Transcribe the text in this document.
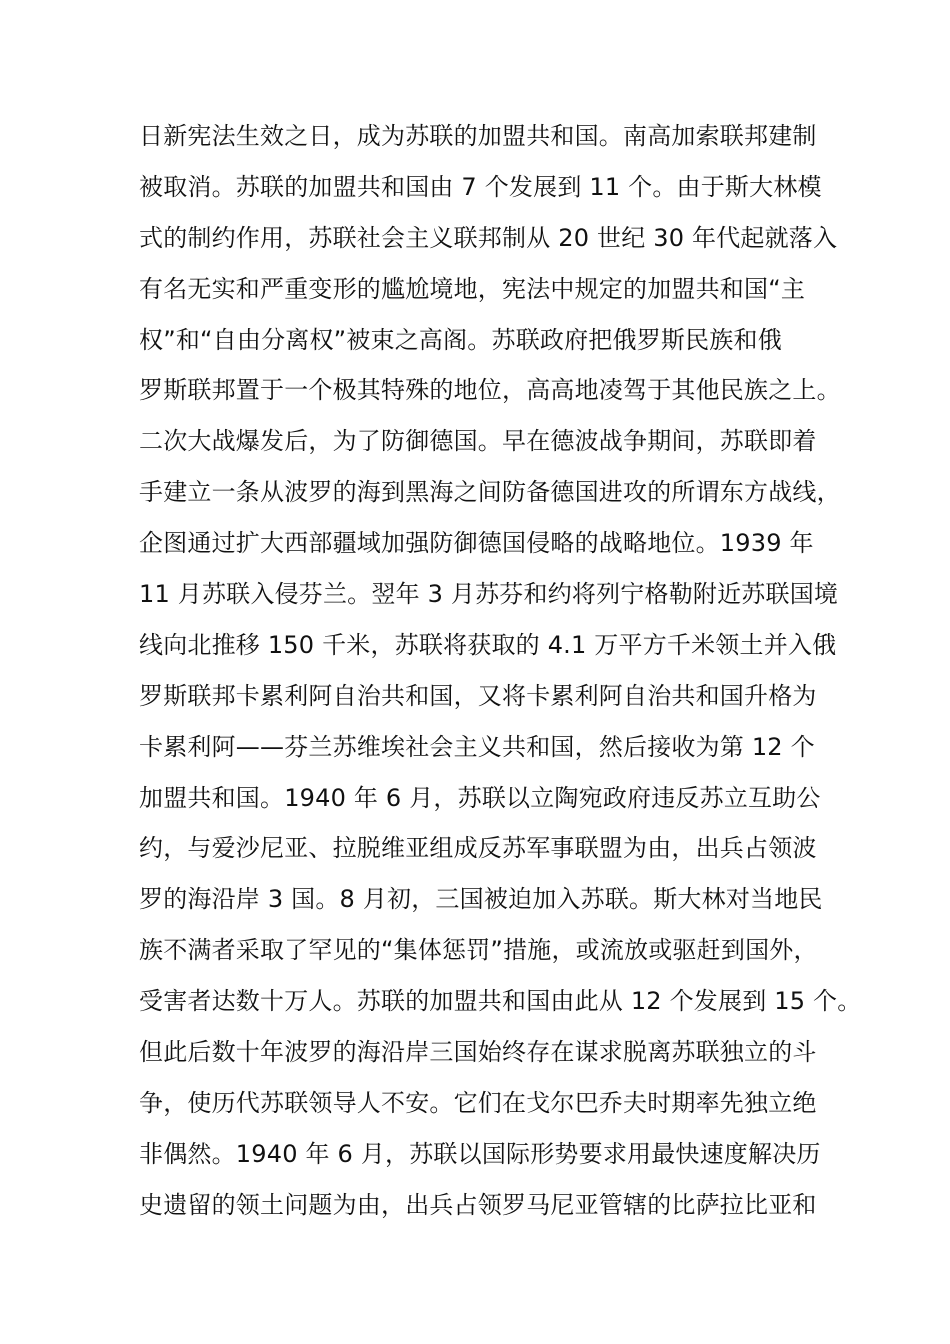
日新宪法生效之日，成为苏联的加盟共和国。南高加索联邦建制
被取消。苏联的加盟共和国由 7 个发展到 11 个。由于斯大林模
式的制约作用，苏联社会主义联邦制从 20 世纪 30 年代起就落入
有名无实和严重变形的尴尬境地，宪法中规定的加盟共和国“主
权”和“自由分离权”被束之高阁。苏联政府把俄罗斯民族和俄
罗斯联邦置于一个极其特殊的地位，高高地凌驾于其他民族之上。
二次大战爆发后，为了防御德国。早在德波战争期间，苏联即着
手建立一条从波罗的海到黑海之间防备德国进攻的所谓东方战线，
企图通过扩大西部疆域加强防御德国侵略的战略地位。1939 年
11 月苏联入侵芬兰。翌年 3 月苏芬和约将列宁格勒附近苏联国境
线向北推移 150 千米，苏联将获取的 4.1 万平方千米领土并入俄
罗斯联邦卡累利阿自治共和国，又将卡累利阿自治共和国升格为
卡累利阿——芬兰苏维埃社会主义共和国，然后接收为第 12 个
加盟共和国。1940 年 6 月，苏联以立陶宛政府违反苏立互助公
约，与爱沙尼亚、拉脱维亚组成反苏军事联盟为由，出兵占领波
罗的海沿岸 3 国。8 月初，三国被迫加入苏联。斯大林对当地民
族不满者采取了罕见的“集体惩罚”措施，或流放或驱赶到国外，
受害者达数十万人。苏联的加盟共和国由此从 12 个发展到 15 个。
但此后数十年波罗的海沿岸三国始终存在谋求脱离苏联独立的斗
争，使历代苏联领导人不安。它们在戈尔巴乔夫时期率先独立绝
非偶然。1940 年 6 月，苏联以国际形势要求用最快速度解决历
史遗留的领土问题为由，出兵占领罗马尼亚管辖的比萨拉比亚和
